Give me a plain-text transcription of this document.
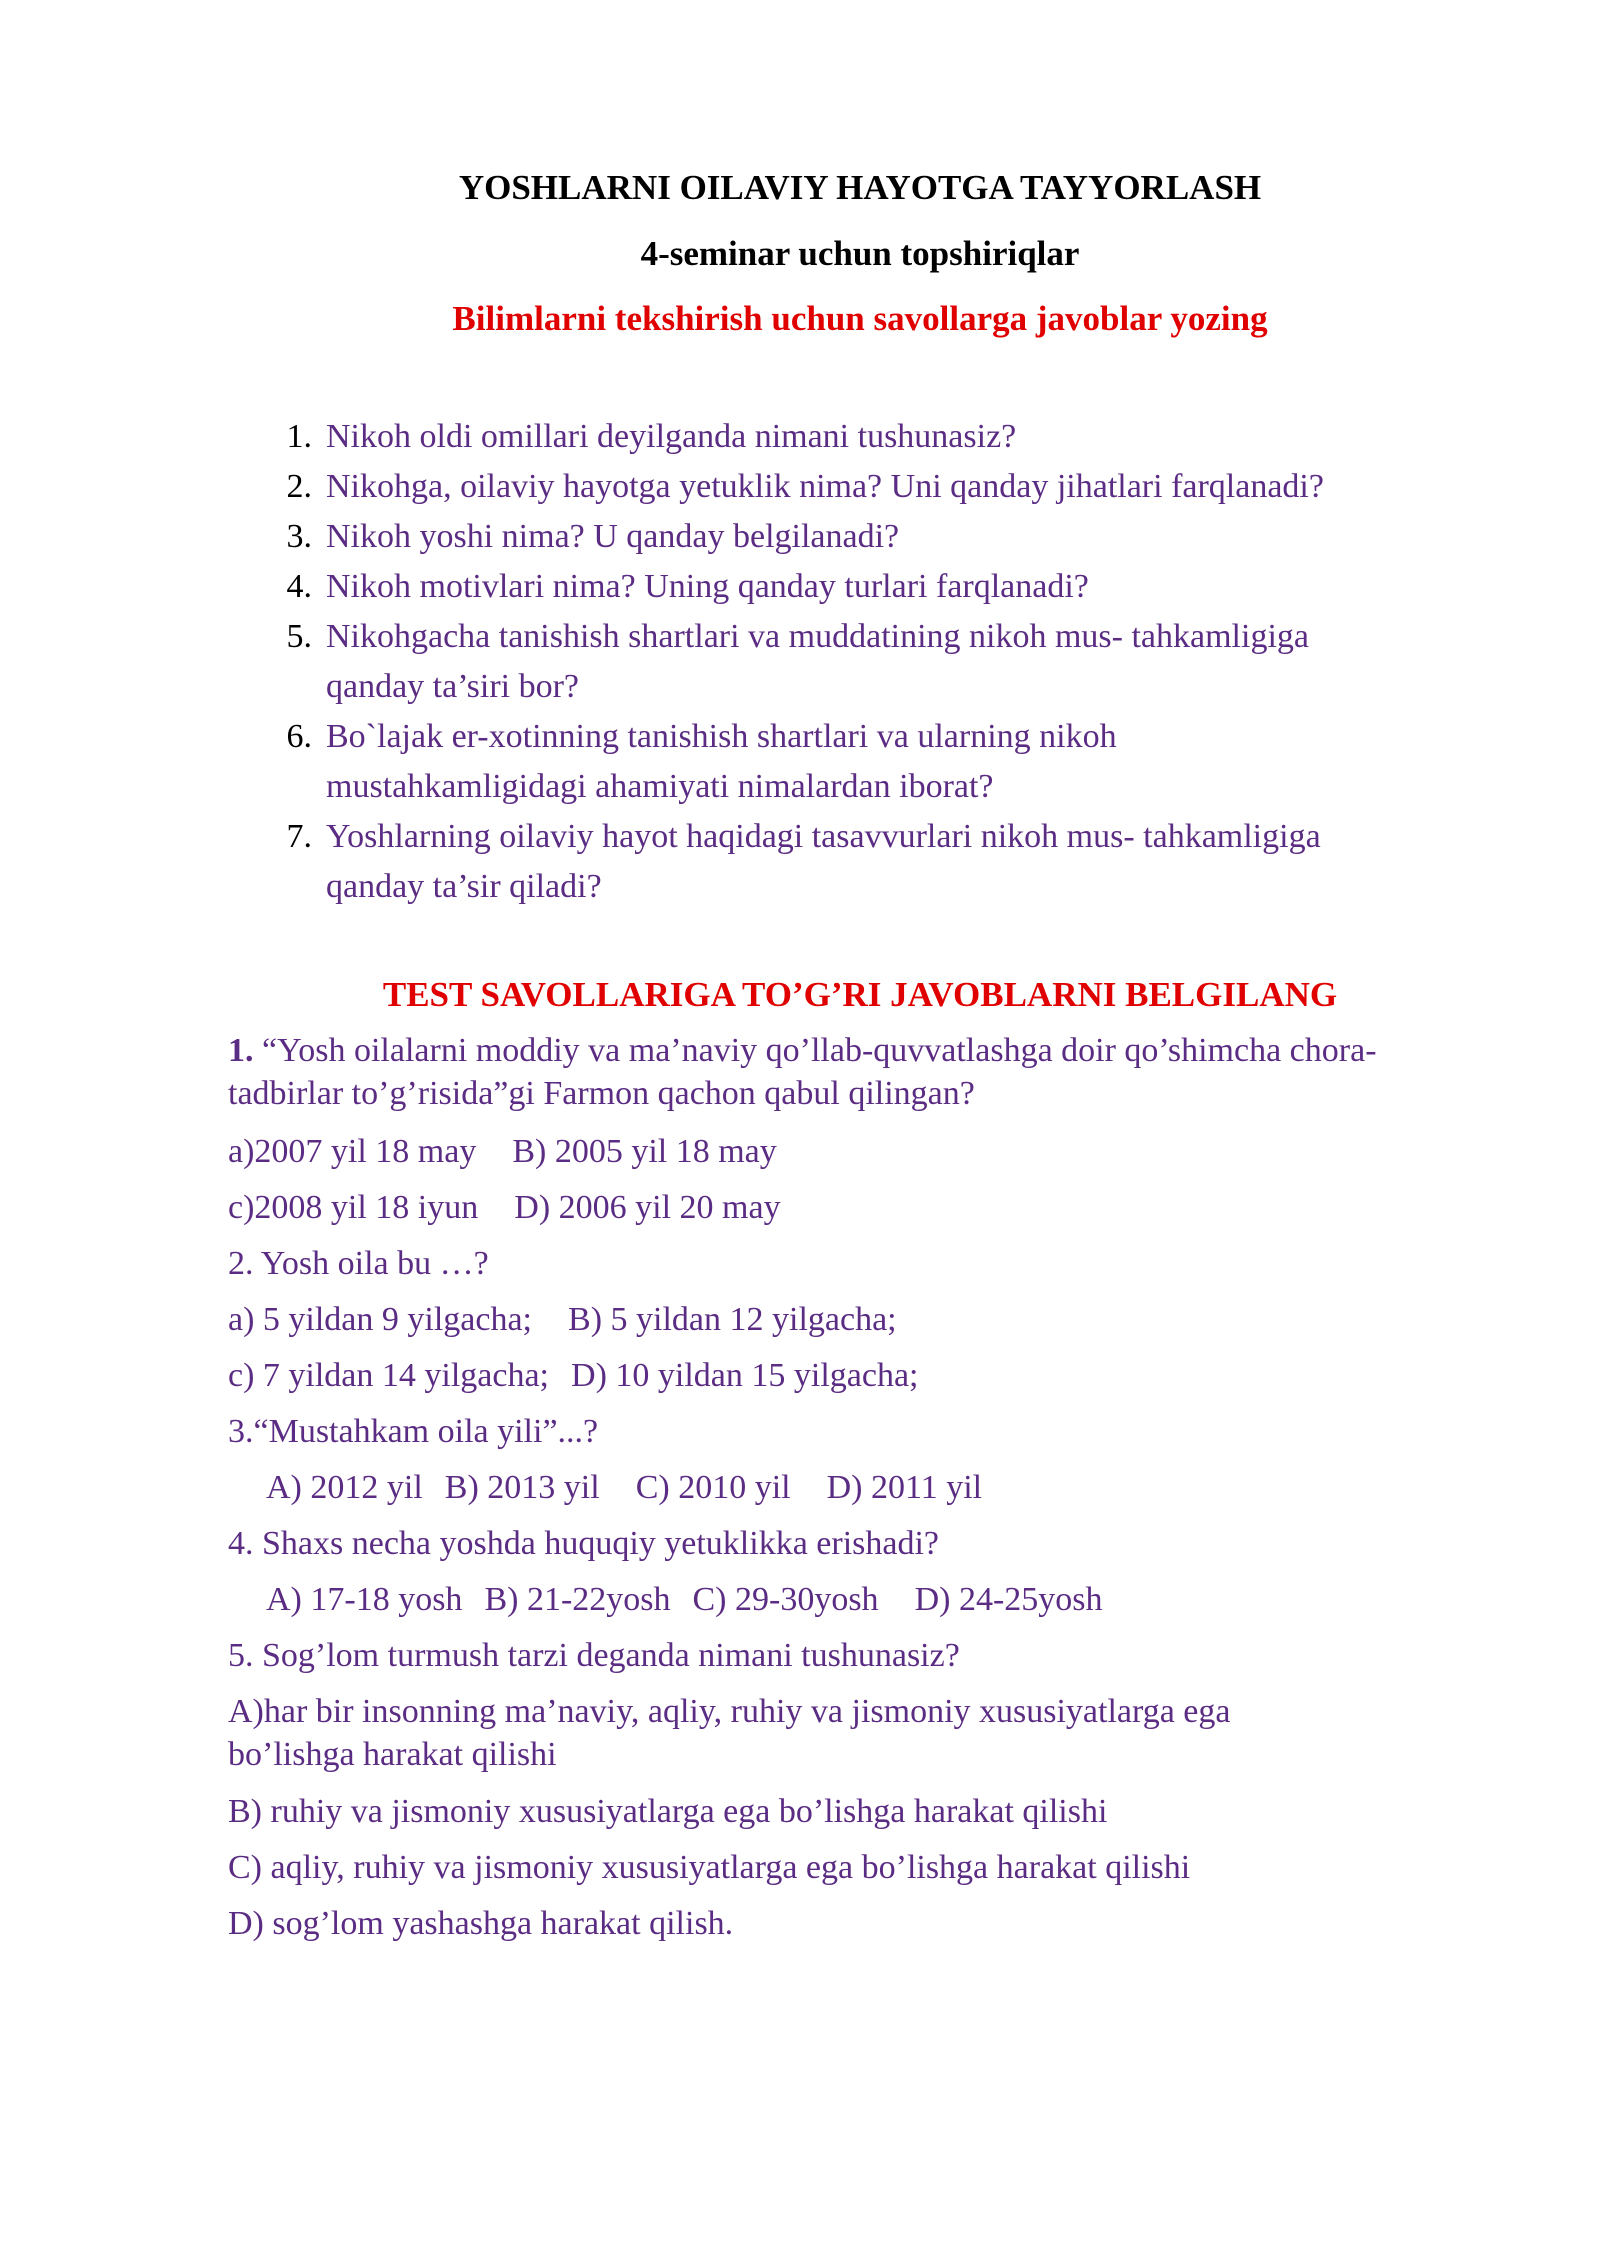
YOSHLARNI OILAVIY HAYOTGA TAYYORLASH
4-seminar uchun topshiriqlar
Bilimlarni tekshirish uchun savollarga javoblar yozing
1. Nikoh oldi omillari deyilganda nimani tushunasiz?
2. Nikohga, oilaviy hayotga yetuklik nima? Uni qanday jihatlari farqlanadi?
3. Nikoh yoshi nima? U qanday belgilanadi?
4. Nikoh motivlari nima? Uning qanday turlari farqlanadi?
5. Nikohgacha tanishish shartlari va muddatining nikoh mus- tahkamligiga
qanday ta’siri bor?
6. Bo`lajak er-xotinning tanishish shartlari va ularning nikoh
mustahkamligidagi ahamiyati nimalardan iborat?
7. Yoshlarning oilaviy hayot haqidagi tasavvurlari nikoh mus- tahkamligiga
qanday ta’sir qiladi?
TEST SAVOLLARIGA TO’G’RI JAVOBLARNI BELGILANG
1. “Yosh oilalarni moddiy va ma’naviy qo’llab-quvvatlashga doir qo’shimcha chora-
tadbirlar to’g’risida”gi Farmon qachon qabul qilingan?
a)2007 yil 18 may B) 2005 yil 18 may
c)2008 yil 18 iyun D) 2006 yil 20 may
2. Yosh oila bu …?
a) 5 yildan 9 yilgacha; B) 5 yildan 12 yilgacha;
c) 7 yildan 14 yilgacha; D) 10 yildan 15 yilgacha;
3.“Mustahkam oila yili”...?
A) 2012 yil B) 2013 yil C) 2010 yil D) 2011 yil
4. Shaxs necha yoshda huquqiy yetuklikka erishadi?
A) 17-18 yosh B) 21-22yosh C) 29-30yosh D) 24-25yosh
5. Sog’lom turmush tarzi deganda nimani tushunasiz?
A)har bir insonning ma’naviy, aqliy, ruhiy va jismoniy xususiyatlarga ega
bo’lishga harakat qilishi
B) ruhiy va jismoniy xususiyatlarga ega bo’lishga harakat qilishi
C) aqliy, ruhiy va jismoniy xususiyatlarga ega bo’lishga harakat qilishi
D) sog’lom yashashga harakat qilish.
